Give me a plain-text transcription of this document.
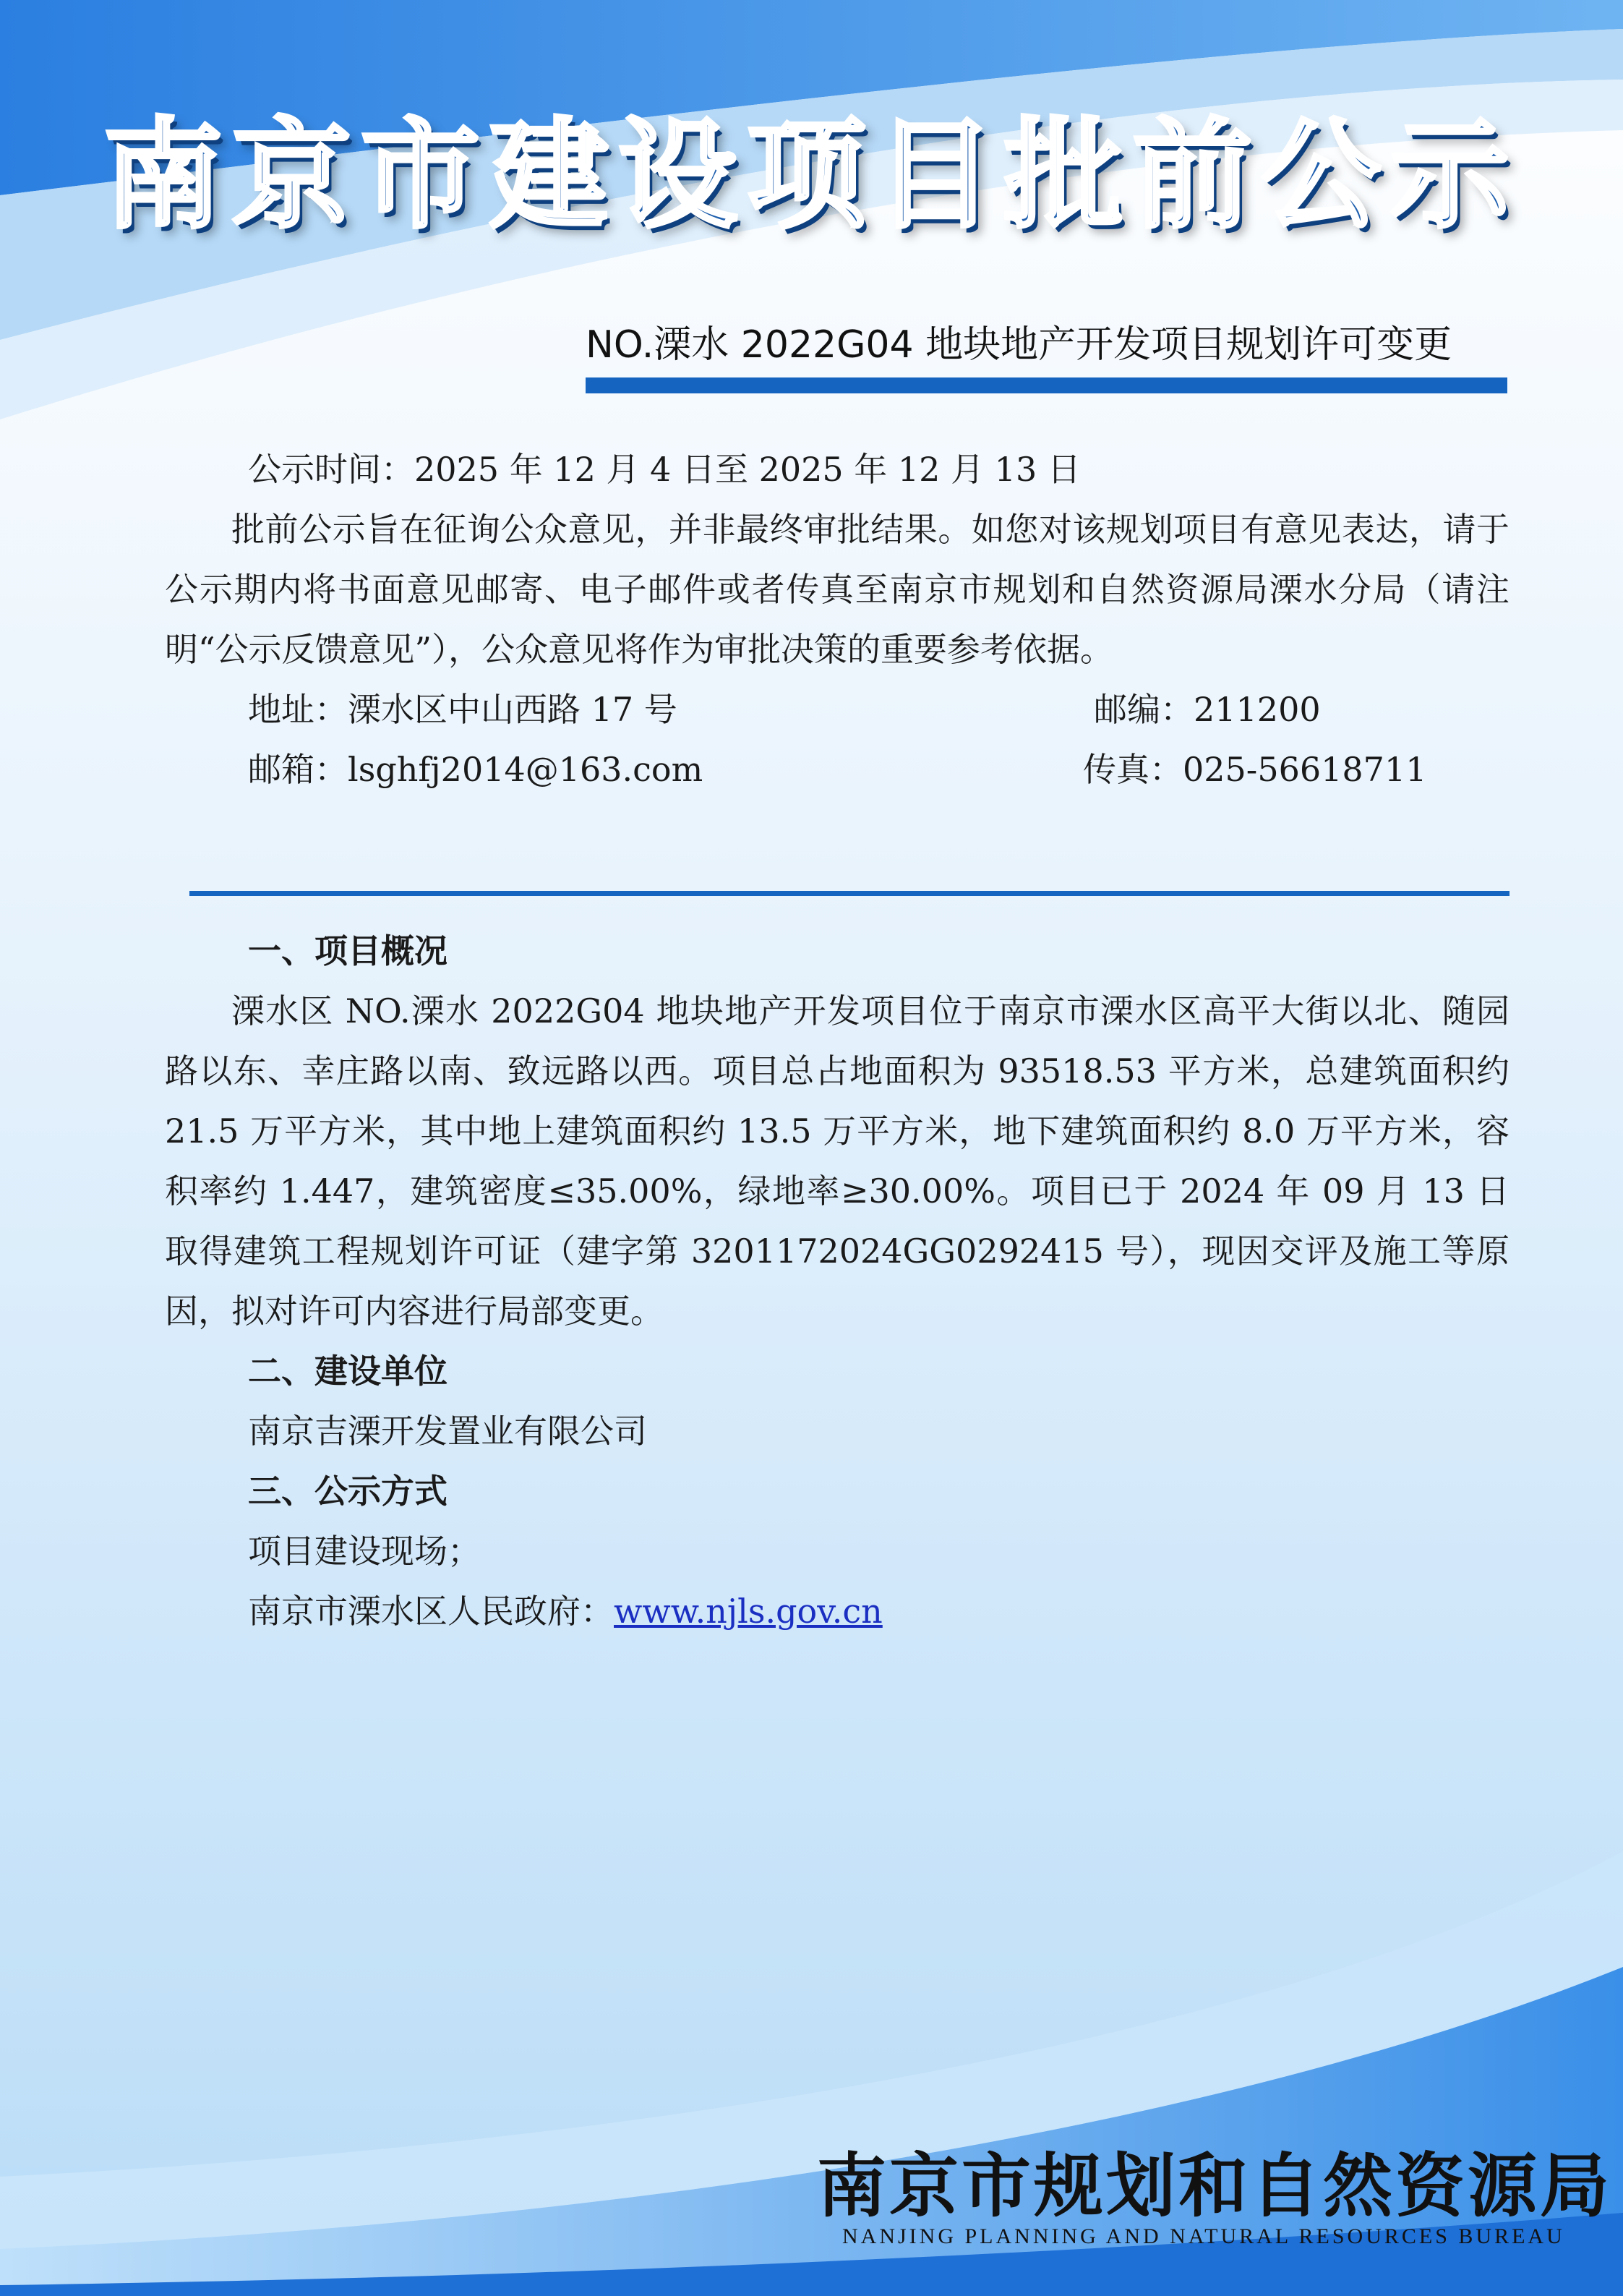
南京市建设项目批前公示
NO.溧水 2022G04 地块地产开发项目规划许可变更

公示时间：2025 年 12 月 4 日至 2025 年 12 月 13 日

批前公示旨在征询公众意见，并非最终审批结果。如您对该规划项目有意见表达，请于公示期内将书面意见邮寄、电子邮件或者传真至南京市规划和自然资源局溧水分局（请注明“公示反馈意见”），公众意见将作为审批决策的重要参考依据。

地址：溧水区中山西路 17 号	邮编：211200

邮箱：lsghfj2014@163.com	传真：025-56618711

一、项目概况

溧水区 NO.溧水 2022G04 地块地产开发项目位于南京市溧水区高平大街以北、随园路以东、幸庄路以南、致远路以西。项目总占地面积为 93518.53 平方米，总建筑面积约 21.5 万平方米，其中地上建筑面积约 13.5 万平方米，地下建筑面积约 8.0 万平方米，容积率约 1.447，建筑密度≤35.00%，绿地率≥30.00%。项目已于 2024 年 09 月 13 日取得建筑工程规划许可证（建字第 3201172024GG0292415 号），现因交评及施工等原因，拟对许可内容进行局部变更。

二、建设单位

南京吉溧开发置业有限公司

三、公示方式

项目建设现场；

南京市溧水区人民政府：www.njls.gov.cn

南京市规划和自然资源局
NANJING PLANNING AND NATURAL RESOURCES BUREAU
